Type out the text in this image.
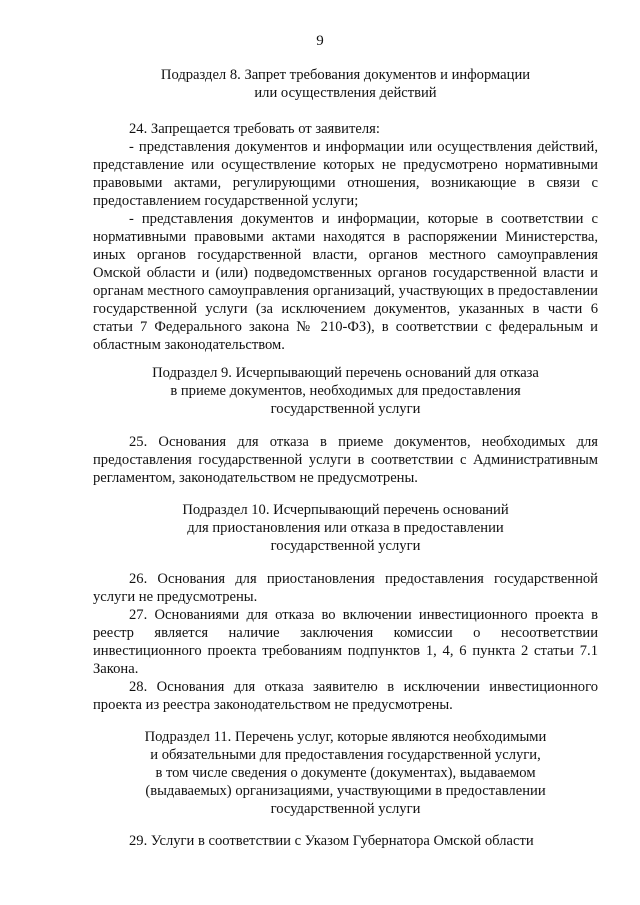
9

Подраздел 8. Запрет требования документов и информации

или осуществления действий

24. Запрещается требовать от заявителя:

- представления документов и информации или осуществления действий, представление или осуществление которых не предусмотрено нормативными правовыми актами, регулирующими отношения, возникающие в связи с предоставлением государственной услуги;

- представления документов и информации, которые в соответствии с нормативными правовыми актами находятся в распоряжении Министерства, иных органов государственной власти, органов местного самоуправления Омской области и (или) подведомственных органов государственной власти и органам местного самоуправления организаций, участвующих в предоставлении государственной услуги (за исключением документов, указанных в части 6 статьи 7 Федерального закона № 210-ФЗ), в соответствии с федеральным и областным законодательством.

Подраздел 9. Исчерпывающий перечень оснований для отказа

в приеме документов, необходимых для предоставления

государственной услуги

25. Основания для отказа в приеме документов, необходимых для предоставления государственной услуги в соответствии с Административным регламентом, законодательством не предусмотрены.

Подраздел 10. Исчерпывающий перечень оснований

для приостановления или отказа в предоставлении

государственной услуги

26. Основания для приостановления предоставления государственной услуги не предусмотрены.

27. Основаниями для отказа во включении инвестиционного проекта в реестр является наличие заключения комиссии о несоответствии инвестиционного проекта требованиям подпунктов 1, 4, 6 пункта 2 статьи 7.1 Закона.

28. Основания для отказа заявителю в исключении инвестиционного проекта из реестра законодательством не предусмотрены.

Подраздел 11. Перечень услуг, которые являются необходимыми

и обязательными для предоставления государственной услуги,

в том числе сведения о документе (документах), выдаваемом

(выдаваемых) организациями, участвующими в предоставлении

государственной услуги

29. Услуги в соответствии с Указом Губернатора Омской области
